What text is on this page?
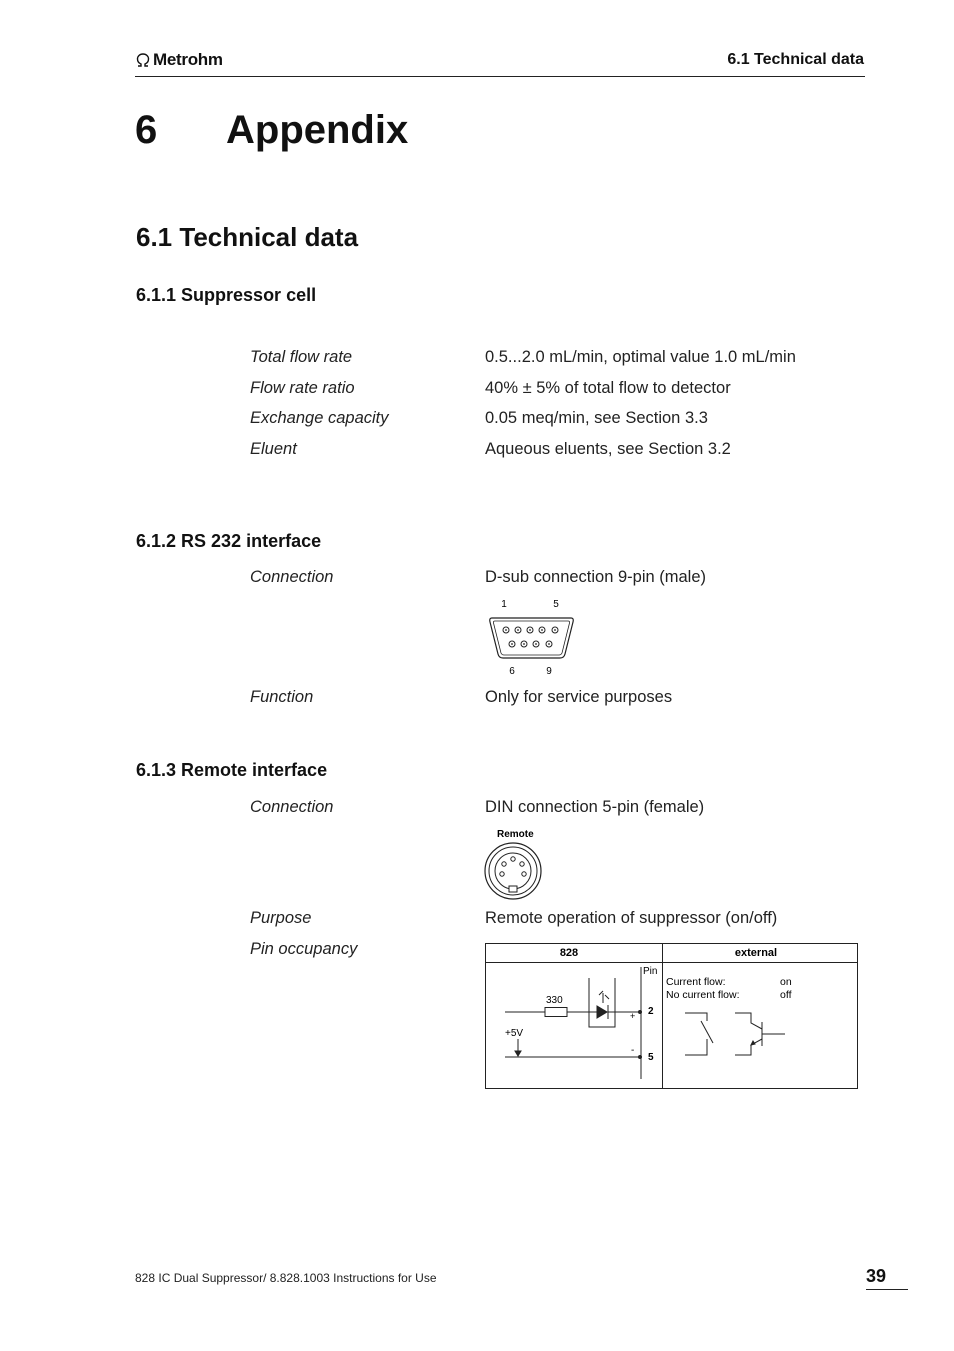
Metrohm	6.1 Technical data
6 Appendix
6.1 Technical data
6.1.1 Suppressor cell
Total flow rate	0.5...2.0 mL/min, optimal value 1.0 mL/min
Flow rate ratio	40% ± 5% of total flow to detector
Exchange capacity	0.05 meq/min, see Section 3.3
Eluent	Aqueous eluents, see Section 3.2
6.1.2 RS 232 interface
Connection	D-sub connection 9-pin (male)
1	5
6	9
Function	Only for service purposes
6.1.3 Remote interface
Connection	DIN connection 5-pin (female)
Remote
Purpose	Remote operation of suppressor (on/off)
Pin occupancy	828	external
Pin
330
+5V
+
-
2
5
Current flow:	on
No current flow:	off
828 IC Dual Suppressor/ 8.828.1003 Instructions for Use	39
